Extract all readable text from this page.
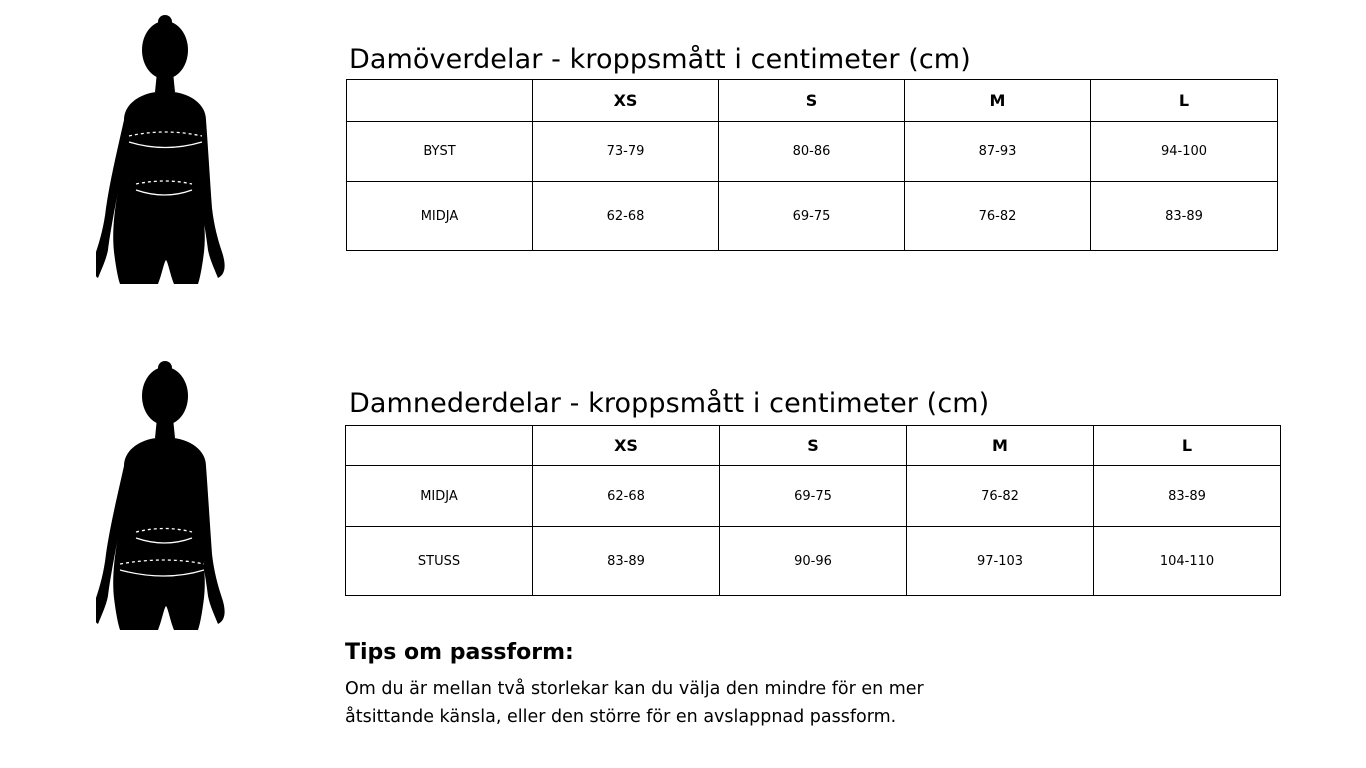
Damöverdelar - kroppsmått i centimeter (cm)
	XS	S	M	L
BYST	73-79	80-86	87-93	94-100
MIDJA	62-68	69-75	76-82	83-89
Damnederdelar - kroppsmått i centimeter (cm)
	XS	S	M	L
MIDJA	62-68	69-75	76-82	83-89
STUSS	83-89	90-96	97-103	104-110
Tips om passform:

Om du är mellan två storlekar kan du välja den mindre för en mer
åtsittande känsla, eller den större för en avslappnad passform.
